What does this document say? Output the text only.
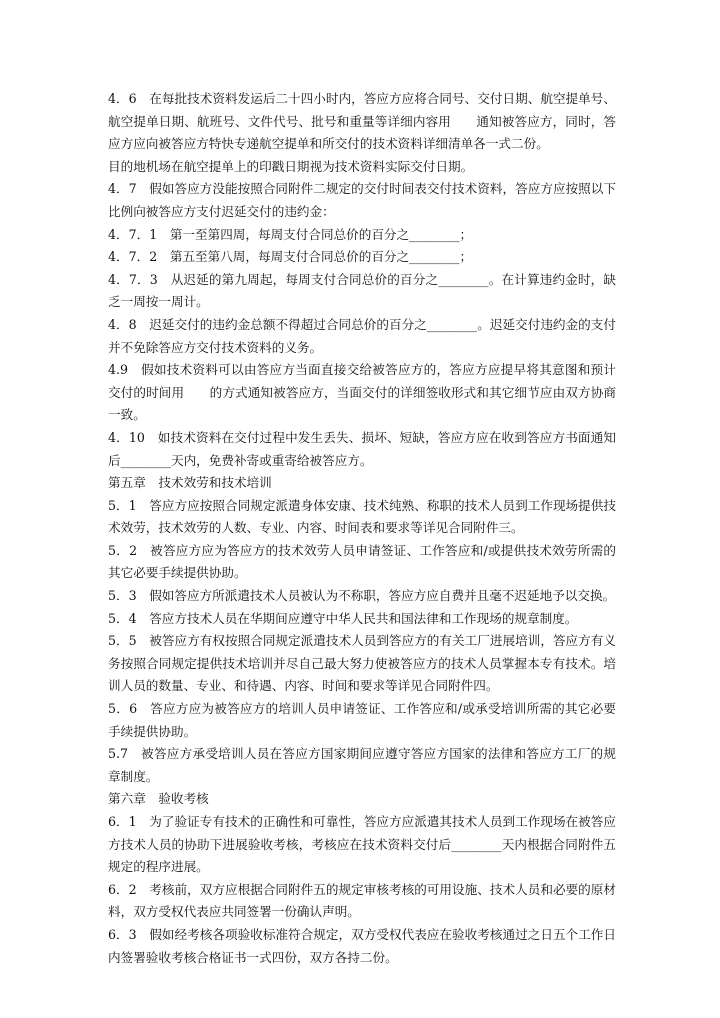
4．6　在每批技术资料发运后二十四小时内，答应方应将合同号、交付日期、航空提单号、航空提单日期、航班号、文件代号、批号和重量等详细内容用　　通知被答应方，同时，答应方应向被答应方特快专递航空提单和所交付的技术资料详细清单各一式二份。

目的地机场在航空提单上的印戳日期视为技术资料实际交付日期。

4．7　假如答应方没能按照合同附件二规定的交付时间表交付技术资料，答应方应按照以下比例向被答应方支付迟延交付的违约金：

4．7．1　第一至第四周，每周支付合同总价的百分之________；

4．7．2　第五至第八周，每周支付合同总价的百分之________；

4．7．3　从迟延的第九周起，每周支付合同总价的百分之________。在计算违约金时，缺乏一周按一周计。

4．8　迟延交付的违约金总额不得超过合同总价的百分之________。迟延交付违约金的支付并不免除答应方交付技术资料的义务。

4.9　假如技术资料可以由答应方当面直接交给被答应方的，答应方应提早将其意图和预计交付的时间用　　的方式通知被答应方，当面交付的详细签收形式和其它细节应由双方协商一致。

4．10　如技术资料在交付过程中发生丢失、损坏、短缺，答应方应在收到答应方书面通知后________天内，免费补寄或重寄给被答应方。

第五章　技术效劳和技术培训

5．1　答应方应按照合同规定派遣身体安康、技术纯熟、称职的技术人员到工作现场提供技术效劳，技术效劳的人数、专业、内容、时间表和要求等详见合同附件三。

5．2　被答应方应为答应方的技术效劳人员申请签证、工作答应和/或提供技术效劳所需的其它必要手续提供协助。

5．3　假如答应方所派遣技术人员被认为不称职，答应方应自费并且毫不迟延地予以交换。

5．4　答应方技术人员在华期间应遵守中华人民共和国法律和工作现场的规章制度。

5．5　被答应方有权按照合同规定派遣技术人员到答应方的有关工厂进展培训，答应方有义务按照合同规定提供技术培训并尽自己最大努力使被答应方的技术人员掌握本专有技术。培训人员的数量、专业、和待遇、内容、时间和要求等详见合同附件四。

5．6　答应方应为被答应方的培训人员申请签证、工作答应和/或承受培训所需的其它必要手续提供协助。

5.7　被答应方承受培训人员在答应方国家期间应遵守答应方国家的法律和答应方工厂的规章制度。

第六章　验收考核

6．1　为了验证专有技术的正确性和可靠性，答应方应派遣其技术人员到工作现场在被答应方技术人员的协助下进展验收考核，考核应在技术资料交付后________天内根据合同附件五规定的程序进展。

6．2　考核前，双方应根据合同附件五的规定审核考核的可用设施、技术人员和必要的原材料，双方受权代表应共同签署一份确认声明。

6．3　假如经考核各项验收标准符合规定，双方受权代表应在验收考核通过之日五个工作日内签署验收考核合格证书一式四份，双方各持二份。
